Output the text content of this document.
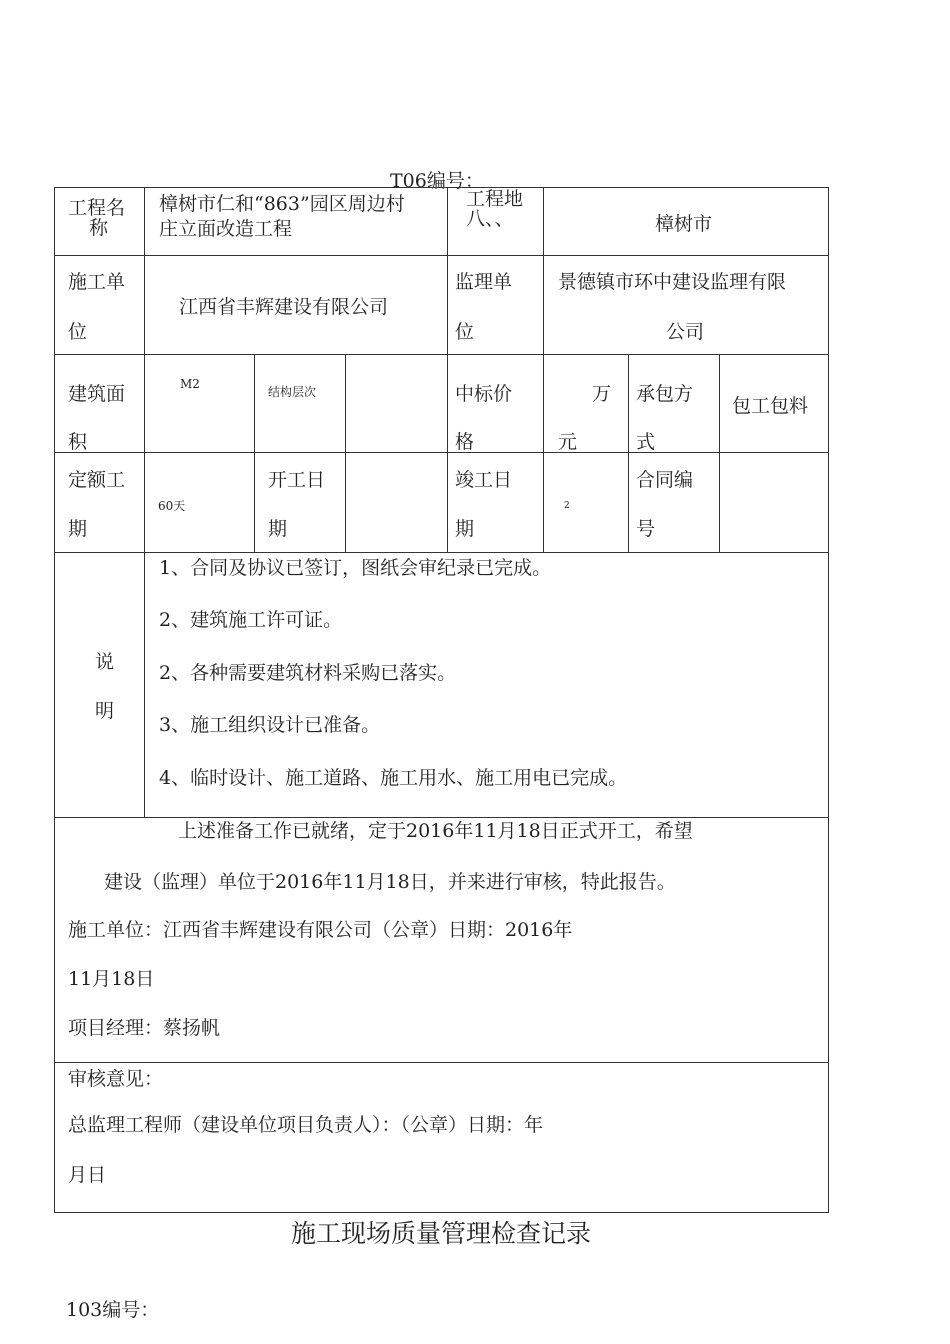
T06编号：
工程名
称
樟树市仁和“863”园区周边村
庄立面改造工程
工程地
八、、	樟树市
施工单
位
江西省丰辉建设有限公司
监理单
位
景德镇市环中建设监理有限
公司
建筑面
积
M2
结构层次	中标价
格
万
元
承包方
式
包工包料
定额工
期
60天
开工日
期
竣工日
期
2
合同编
号
说
明
1、合同及协议已签订，图纸会审纪录已完成。
2、建筑施工许可证。
2、各种需要建筑材料采购已落实。
3、施工组织设计已准备。
4、临时设计、施工道路、施工用水、施工用电已完成。
上述准备工作已就绪，定于2016年11月18日正式开工，希望
建设（监理）单位于2016年11月18日，并来进行审核，特此报告。
施工单位：江西省丰辉建设有限公司（公章）日期：2016年
11月18日
项目经理：蔡扬帆
审核意见：
总监理工程师（建设单位项目负责人）：（公章）日期：年
月日
施工现场质量管理检查记录
103编号：
